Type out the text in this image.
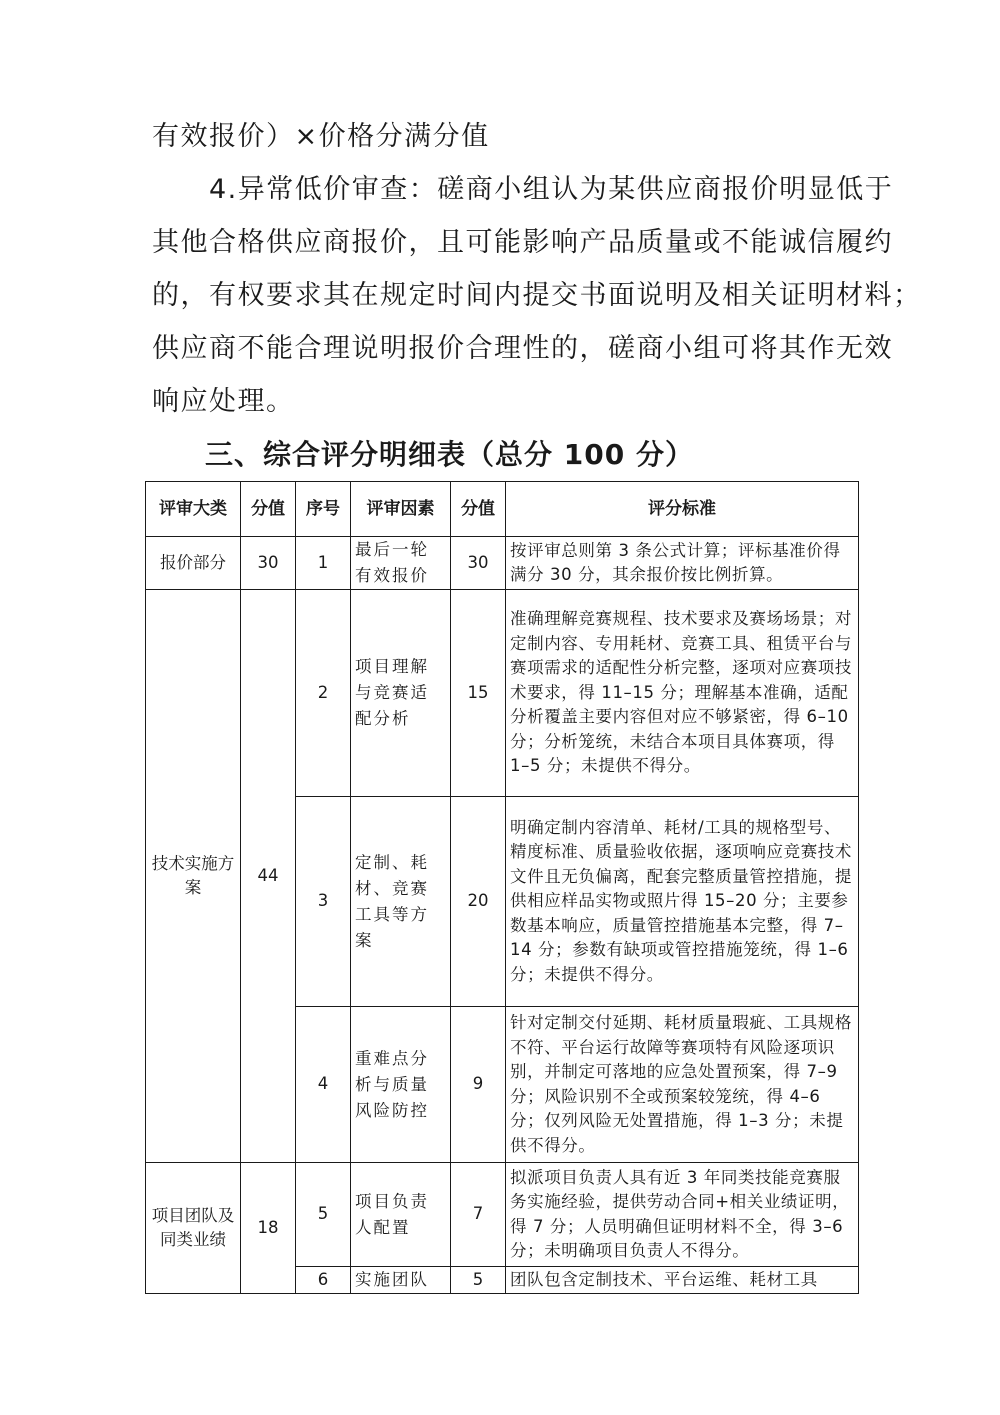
有效报价）×价格分满分值
　　4.异常低价审查：磋商小组认为某供应商报价明显低于
其他合格供应商报价，且可能影响产品质量或不能诚信履约
的，有权要求其在规定时间内提交书面说明及相关证明材料；
供应商不能合理说明报价合理性的，磋商小组可将其作无效
响应处理。
三、综合评分明细表（总分 100 分）
评审大类	分值	序号	评审因素	分值	评分标准
报价部分	30	1	最后一轮有效报价	30	按评审总则第 3 条公式计算；评标基准价得满分 30 分，其余报价按比例折算。
技术实施方案	44	2	项目理解与竞赛适配分析	15	准确理解竞赛规程、技术要求及赛场场景；对定制内容、专用耗材、竞赛工具、租赁平台与赛项需求的适配性分析完整，逐项对应赛项技术要求，得 11–15 分；理解基本准确，适配分析覆盖主要内容但对应不够紧密，得 6–10 分；分析笼统，未结合本项目具体赛项，得 1–5 分；未提供不得分。
		3	定制、耗材、竞赛工具等方案	20	明确定制内容清单、耗材/工具的规格型号、精度标准、质量验收依据，逐项响应竞赛技术文件且无负偏离，配套完整质量管控措施，提供相应样品实物或照片得 15–20 分；主要参数基本响应，质量管控措施基本完整，得 7–14 分；参数有缺项或管控措施笼统，得 1–6 分；未提供不得分。
		4	重难点分析与质量风险防控	9	针对定制交付延期、耗材质量瑕疵、工具规格不符、平台运行故障等赛项特有风险逐项识别，并制定可落地的应急处置预案，得 7–9 分；风险识别不全或预案较笼统，得 4–6 分；仅列风险无处置措施，得 1–3 分；未提供不得分。
项目团队及同类业绩	18	5	项目负责人配置	7	拟派项目负责人具有近 3 年同类技能竞赛服务实施经验，提供劳动合同+相关业绩证明，得 7 分；人员明确但证明材料不全，得 3–6 分；未明确项目负责人不得分。
		6	实施团队	5	团队包含定制技术、平台运维、耗材工具
